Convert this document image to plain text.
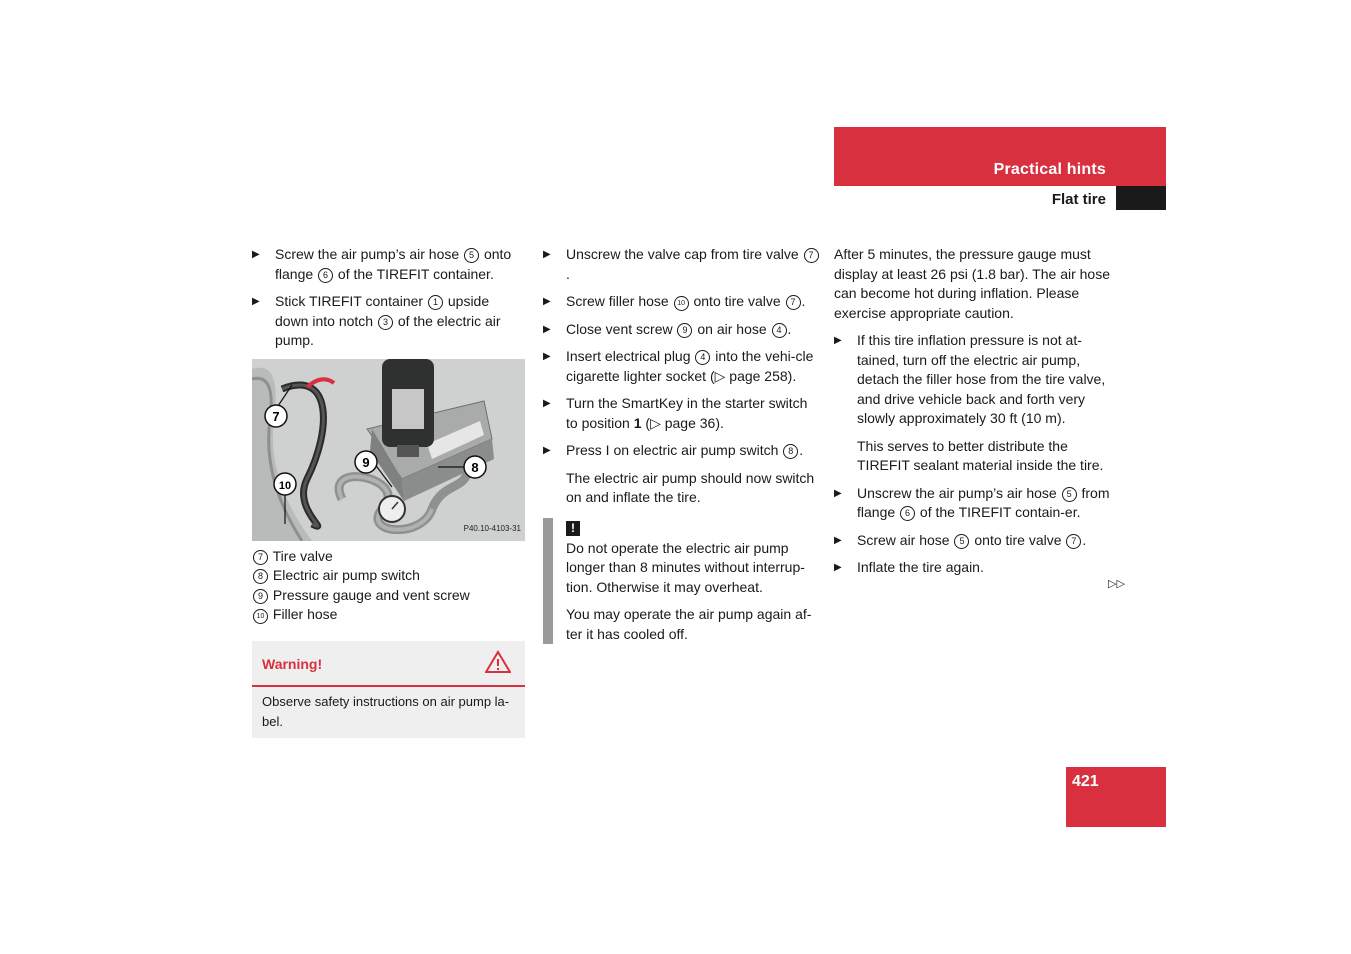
Practical hints
Flat tire
▶ Screw the air pump’s air hose 5 onto flange 6 of the TIREFIT container.
▶ Stick TIREFIT container 1 upside down into notch 3 of the electric air pump.
7
10
9	8
P40.10-4103-31
7 Tire valve
8 Electric air pump switch
9 Pressure gauge and vent screw
10 Filler hose
Warning!
Observe safety instructions on air pump la-bel.
▶ Unscrew the valve cap from tire valve 7.
▶ Screw filler hose 10 onto tire valve 7 .
▶ Close vent screw 9 on air hose 4 .
▶ Insert electrical plug 4 into the vehi-cle cigarette lighter socket (▷ page 258).
▶ Turn the SmartKey in the starter switch to position 1 (▷ page 36).
▶ Press I on electric air pump switch 8 .
The electric air pump should now switch on and inflate the tire.
!
Do not operate the electric air pump longer than 8 minutes without interrup-tion. Otherwise it may overheat.
You may operate the air pump again af-ter it has cooled off.
After 5 minutes, the pressure gauge must display at least 26 psi (1.8 bar). The air hose can become hot during inflation. Please exercise appropriate caution.
▶ If this tire inflation pressure is not at-tained, turn off the electric air pump, detach the filler hose from the tire valve, and drive vehicle back and forth very slowly approximately 30 ft (10 m).
This serves to better distribute the TIREFIT sealant material inside the tire.
▶ Unscrew the air pump’s air hose 5 from flange 6 of the TIREFIT contain-er.
▶ Screw air hose 5 onto tire valve 7 .
▶ Inflate the tire again.
▷▷
421
